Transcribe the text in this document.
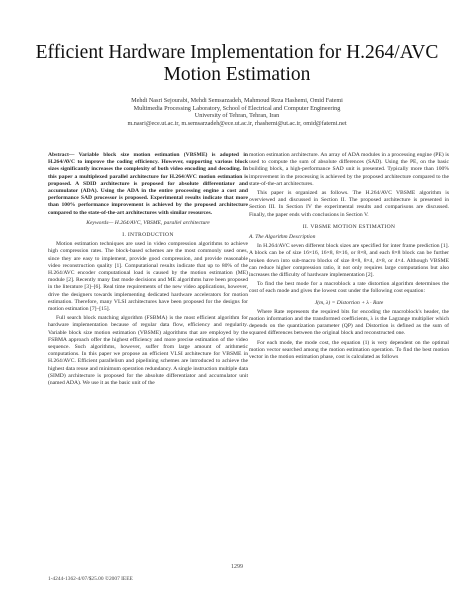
Efficient Hardware Implementation for H.264/AVC
Motion Estimation
Mehdi Nasri Sejourabi, Mehdi Semsarzadeh, Mahmoud Reza Hashemi, Omid Fatemi
Multimedia Processing Laboratory, School of Electrical and Computer Engineering
University of Tehran, Tehran, Iran
m.nasri@ece.ut.ac.ir, m.semsarzadeh@ece.ut.ac.ir, rhashemi@ut.ac.ir, omid@fatemi.net

Abstract— Variable block size motion estimation (VBSME) is adopted in H.264/AVC to improve the coding efficiency. However, supporting various block sizes significantly increases the complexity of both video encoding and decoding. In this paper a multiplexed parallel architecture for H.264/AVC motion estimation is proposed. A SDID architecture is proposed for absolute differentiator and accumulator (ADA). Using the ADA in the entire processing engine a cost and performance SAD processor is proposed. Experimental results indicate that more than 100% performance improvement is achieved by the proposed architecture compared to the state-of-the-art architectures with similar resources.

Keywords— H.264/AVC, VBSME, parallel architecture

I. INTRODUCTION

Motion estimation techniques are used in video compression algorithms to achieve high compression rates. The block-based schemes are the most commonly used ones, since they are easy to implement, provide good compression, and provide reasonable video reconstruction quality [1]. Computational results indicate that up to 80% of the H.264/AVC encoder computational load is caused by the motion estimation (ME) module [2]. Recently many fast mode decisions and ME algorithms have been proposed in the literature [3]–[6]. Real time requirements of the new video applications, however, drive the designers towards implementing dedicated hardware accelerators for motion estimation. Therefore, many VLSI architectures have been proposed for the designs for motion estimation [7]–[15].

Full search block matching algorithm (FSBMA) is the most efficient algorithm for hardware implementation because of regular data flow, efficiency and regularity. Variable block size motion estimation (VBSME) algorithms that are employed by the FSBMA approach offer the highest efficiency and more precise estimation of the video sequence. Such algorithms, however, suffer from large amount of arithmetic computations. In this paper we propose an efficient VLSI architecture for VBSME in H.264/AVC. Efficient parallelism and pipelining schemes are introduced to achieve the highest data reuse and minimum operation redundancy. A single instruction multiple data (SIMD) architecture is proposed for the absolute differentiator and accumulator unit (named ADA). We use it as the basic unit of the

motion estimation architecture. An array of ADA modules in a processing engine (PE) is used to compute the sum of absolute differences (SAD). Using the PE, on the basic building block, a high-performance SAD unit is presented. Typically more than 100% improvement in the processing is achieved by the proposed architecture compared to the state-of-the-art architectures.

This paper is organized as follows. The H.264/AVC VBSME algorithm is overviewed and discussed in Section II. The proposed architecture is presented in Section III. In Section IV the experimental results and comparisons are discussed. Finally, the paper ends with conclusions in Section V.

II. VBSME MOTION ESTIMATION

A. The Algorithm Description

In H.264/AVC seven different block sizes are specified for inter frame prediction [1]. A block can be of size 16×16, 16×8, 8×16, or 8×8, and each 8×8 block can be further broken down into sub-macro blocks of size 8×8, 8×4, 4×8, or 4×4. Although VBSME can reduce higher compression ratio, it not only requires large computations but also increases the difficulty of hardware implementation [2].

To find the best mode for a macroblock a rate distortion algorithm determines the cost of each mode and gives the lowest cost under the following cost equation:

J(m, λ) = Distortion + λ · Rate

Where Rate represents the required bits for encoding the macroblock's header, the motion information and the transformed coefficients, λ is the Lagrange multiplier which depends on the quantization parameter (QP) and Distortion is defined as the sum of squared differences between the original block and reconstructed one.

For each mode, the mode cost, the equation (1) is very dependent on the optimal motion vector searched among the motion estimation operation. To find the best motion vector in the motion estimation phase, cost is calculated as follows

1299
1-4244-1362-4/07/$25.00 ©2007 IEEE
